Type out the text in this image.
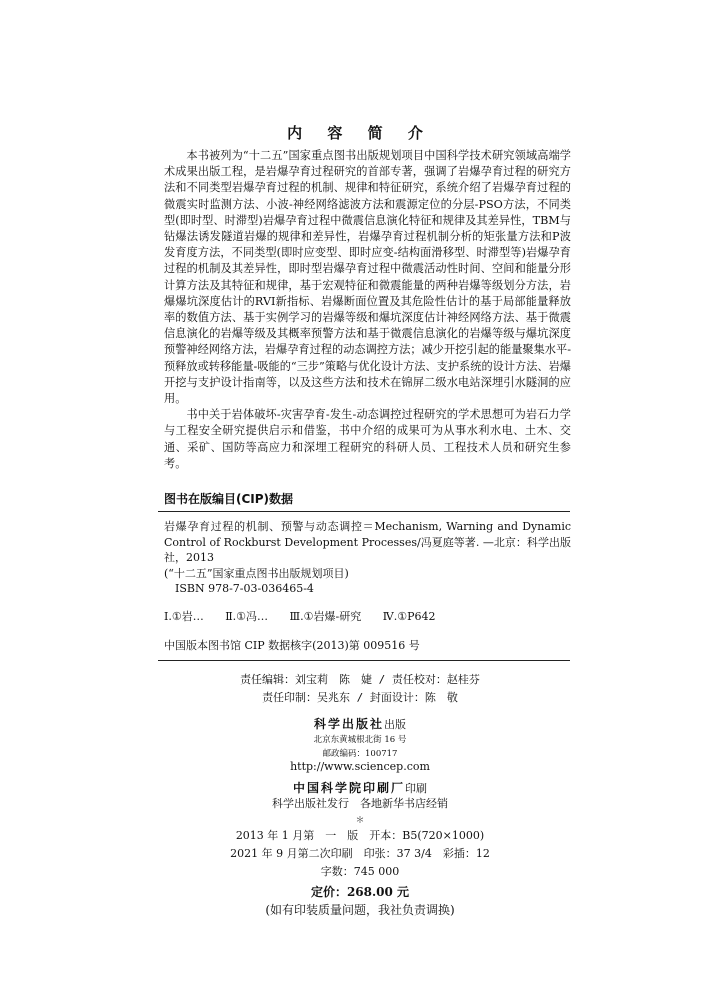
内 容 简 介

本书被列为“十二五”国家重点图书出版规划项目中国科学技术研究领域高端学术成果出版工程，是岩爆孕育过程研究的首部专著，强调了岩爆孕育过程的研究方法和不同类型岩爆孕育过程的机制、规律和特征研究，系统介绍了岩爆孕育过程的微震实时监测方法、小波-神经网络滤波方法和震源定位的分层-PSO方法，不同类型(即时型、时滞型)岩爆孕育过程中微震信息演化特征和规律及其差异性，TBM与钻爆法诱发隧道岩爆的规律和差异性，岩爆孕育过程机制分析的矩张量方法和P波发育度方法，不同类型(即时应变型、即时应变-结构面滑移型、时滞型等)岩爆孕育过程的机制及其差异性，即时型岩爆孕育过程中微震活动性时间、空间和能量分形计算方法及其特征和规律，基于宏观特征和微震能量的两种岩爆等级划分方法，岩爆爆坑深度估计的RVI新指标、岩爆断面位置及其危险性估计的基于局部能量释放率的数值方法、基于实例学习的岩爆等级和爆坑深度估计神经网络方法、基于微震信息演化的岩爆等级及其概率预警方法和基于微震信息演化的岩爆等级与爆坑深度预警神经网络方法，岩爆孕育过程的动态调控方法；减少开挖引起的能量聚集水平-预释放或转移能量-吸能的“三步”策略与优化设计方法、支护系统的设计方法、岩爆开挖与支护设计指南等，以及这些方法和技术在锦屏二级水电站深埋引水隧洞的应用。

书中关于岩体破坏-灾害孕育-发生-动态调控过程研究的学术思想可为岩石力学与工程安全研究提供启示和借鉴，书中介绍的成果可为从事水利水电、土木、交通、采矿、国防等高应力和深埋工程研究的科研人员、工程技术人员和研究生参考。

图书在版编目(CIP)数据

岩爆孕育过程的机制、预警与动态调控＝Mechanism, Warning and Dynamic Control of Rockburst Development Processes/冯夏庭等著. —北京：科学出版社，2013

(“十二五”国家重点图书出版规划项目)

ISBN 978-7-03-036465-4

Ⅰ.①岩… Ⅱ.①冯… Ⅲ.①岩爆-研究 Ⅳ.①P642
中国版本图书馆 CIP 数据核字(2013)第 009516 号
责任编辑：刘宝莉　陈　婕 / 责任校对：赵桂芬
责任印制：吴兆东 / 封面设计：陈　敬
科学出版社出版
北京东黄城根北街 16 号
邮政编码：100717
http://www.sciencep.com
中国科学院印刷厂印刷
科学出版社发行　各地新华书店经销
＊
2013 年 1 月第　一　版　开本：B5(720×1000)
2021 年 9 月第二次印刷　印张：37 3/4　彩插：12
字数：745 000
定价：268.00 元
(如有印装质量问题，我社负责调换)
